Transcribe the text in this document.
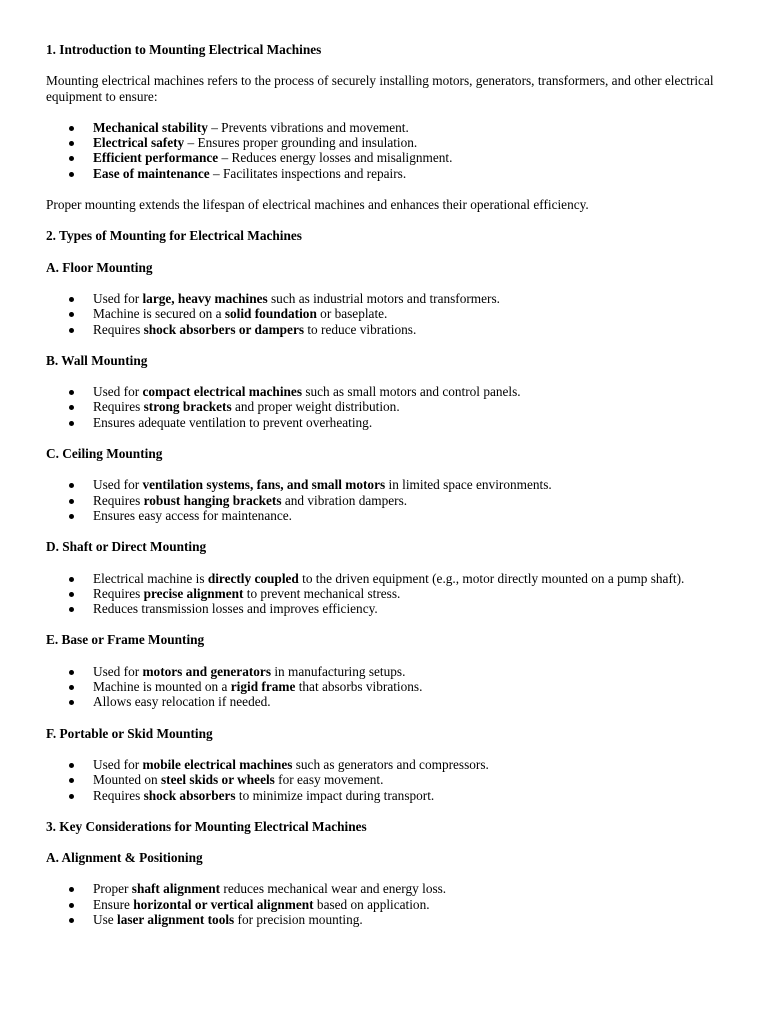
1. Introduction to Mounting Electrical Machines

Mounting electrical machines refers to the process of securely installing motors, generators, transformers, and other electrical equipment to ensure:

Mechanical stability – Prevents vibrations and movement.
Electrical safety – Ensures proper grounding and insulation.
Efficient performance – Reduces energy losses and misalignment.
Ease of maintenance – Facilitates inspections and repairs.

Proper mounting extends the lifespan of electrical machines and enhances their operational efficiency.

2. Types of Mounting for Electrical Machines
A. Floor Mounting
Used for large, heavy machines such as industrial motors and transformers.
Machine is secured on a solid foundation or baseplate.
Requires shock absorbers or dampers to reduce vibrations.
B. Wall Mounting
Used for compact electrical machines such as small motors and control panels.
Requires strong brackets and proper weight distribution.
Ensures adequate ventilation to prevent overheating.
C. Ceiling Mounting
Used for ventilation systems, fans, and small motors in limited space environments.
Requires robust hanging brackets and vibration dampers.
Ensures easy access for maintenance.
D. Shaft or Direct Mounting
Electrical machine is directly coupled to the driven equipment (e.g., motor directly mounted on a pump shaft).
Requires precise alignment to prevent mechanical stress.
Reduces transmission losses and improves efficiency.
E. Base or Frame Mounting
Used for motors and generators in manufacturing setups.
Machine is mounted on a rigid frame that absorbs vibrations.
Allows easy relocation if needed.
F. Portable or Skid Mounting
Used for mobile electrical machines such as generators and compressors.
Mounted on steel skids or wheels for easy movement.
Requires shock absorbers to minimize impact during transport.
3. Key Considerations for Mounting Electrical Machines
A. Alignment & Positioning
Proper shaft alignment reduces mechanical wear and energy loss.
Ensure horizontal or vertical alignment based on application.
Use laser alignment tools for precision mounting.
